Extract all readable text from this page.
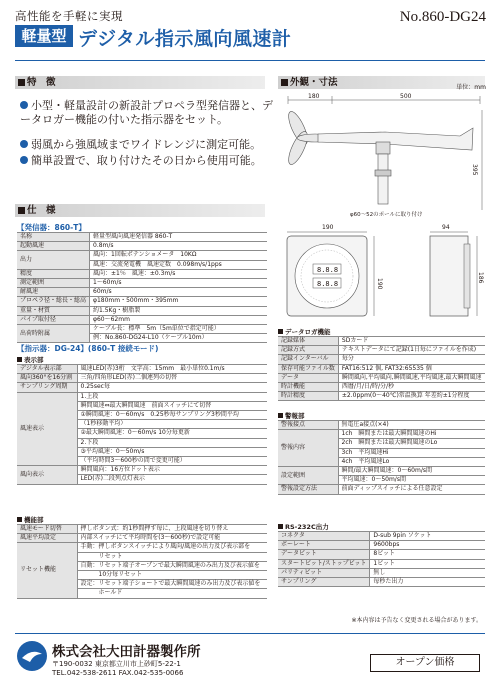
高性能を手軽に実現	No.860-DG24
軽量型 デジタル指示風向風速計
特　徴	外観・寸法	単位：mm
小型・軽量設計の新設計プロペラ型発信器と、データロガー機能の付いた指示器をセット。
弱風から強風域までワイドレンジに測定可能。
簡単設置で、取り付けたその日から使用可能。
180	500
395
φ60～52のポールに取り付け
仕　様
【発信器：860-T】
名称	軽量型風向風速発信器 860-T
起動風速	0.8m/s
出力	風向：1回転ポテンショメータ　10KΩ
	風速：交流発電機　風速定数　0.098m/s/1pps
精度	風向：±1％　風速：±0.3m/s
測定範囲	1～60m/s
耐風速	60m/s
プロペラ径・総長・総高	φ180mm・500mm・395mm
重量・材質	約1.5Kg・樹脂製
パイプ取付径	φ60～62mm
出荷時附属	ケーブル長：標準　5m（5m単位で指定可能）
	例：No.860-DG24-L10（ケーブル10m）
【指示器：DG-24】(860-T 接続モード)
表示部
デジタル表示部	風速LED(赤)3桁　文字高：15mm　最小単位0.1m/s
風向360°を16分割	三角/四角形LED(赤)二個連列の切替
サンプリング周期	0.25sec毎
風速表示	1.上段
	瞬間風速⇔最大瞬間風速　前面スイッチにて切替
	①瞬間風速：0～60m/s　0.25秒毎サンプリング3秒間平均
	（1秒移動平均）
	②最大瞬間風速：0～60m/s 10分毎更新
	2.下段
	③平均風速：0～50m/s
	（平均時間3～600秒の間で変更可能）
風向表示	瞬間風向：16方位ドット表示
	LED(赤)二段列点灯表示
機能部
風速モード切替	押しボタン式：約1秒間押す毎に、上段風速を切り替え
風速平均設定	内部スイッチにて平均時間を(3～600秒)で設定可能
リセット機能	手動：押しボタンスイッチにより風向/風速の出力及び表示部を
	　　　リセット
	自動：リセット端子オープンで最大瞬間風速のみ出力及び表示値を
	　　　10分毎リセット
	設定：リセット端子ショートで最大瞬間風速のみ出力及び表示値を
	　　　ホールド
190	94
8.8.8
8.8.8	190
186
データロガ機能
記録媒体	SDカード
記録方式	テキストデータにて記録(1日毎にファイルを作成)
記録インターバル	毎分
保存可能ファイル数	FAT16:512 個, FAT32:65535 個
データ	瞬間風向,平均風向,瞬間風速,平均風速,最大瞬間風速
時計機能	西暦/月/日/時/分/秒
時計精度	±2.0ppm(0～40℃)常温換算 年差約±1分程度
警報部
警報接点	無電圧a接点(×4)
警報内容	1ch　瞬間または最大瞬間風速のHi
	2ch　瞬間または最大瞬間風速のLo
	3ch　平均風速Hi
	4ch　平均風速Lo
設定範囲	瞬間/最大瞬間風速：0～60m/s間
	平均風速：0～50m/s間
警報設定方法	前面ディップスイッチによる任意設定
RS-232C出力
コネクタ	D-sub 9pin ソケット
ボーレート	9600bps
データビット	8ビット
スタートビット/ストップビット	1ビット
パリティビット	無し
サンプリング	毎秒た出力
※本内容は予告なく変更される場合があります。
株式会社大田計器製作所
〒190-0032 東京都立川市上砂町5-22-1
TEL.042-538-2611 FAX.042-535-0066
オープン価格
